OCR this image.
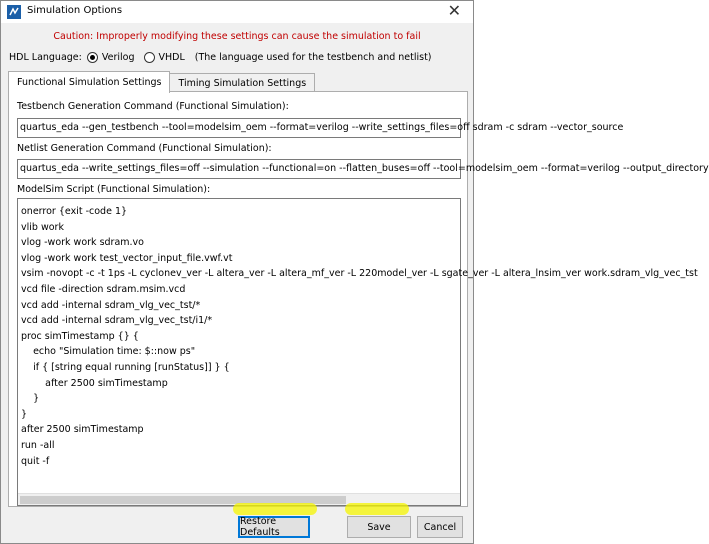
Simulation Options	✕
Caution: Improperly modifying these settings can cause the simulation to fail
HDL Language: Verilog	VHDL (The language used for the testbench and netlist)
Functional Simulation Settings	Timing Simulation Settings
Testbench Generation Command (Functional Simulation):
quartus_eda --gen_testbench --tool=modelsim_oem --format=verilog --write_settings_files=off sdram -c sdram --vector_source
Netlist Generation Command (Functional Simulation):
quartus_eda --write_settings_files=off --simulation --functional=on --flatten_buses=off --tool=modelsim_oem --format=verilog --output_directory
ModelSim Script (Functional Simulation):
onerror {exit -code 1}
vlib work
vlog -work work sdram.vo
vlog -work work test_vector_input_file.vwf.vt
vsim -novopt -c -t 1ps -L cyclonev_ver -L altera_ver -L altera_mf_ver -L 220model_ver -L sgate_ver -L altera_lnsim_ver work.sdram_vlg_vec_tst
vcd file -direction sdram.msim.vcd
vcd add -internal sdram_vlg_vec_tst/*
vcd add -internal sdram_vlg_vec_tst/i1/*
proc simTimestamp {} {
echo "Simulation time: $::now ps"
if { [string equal running [runStatus]] } {
after 2500 simTimestamp
}
}
after 2500 simTimestamp
run -all
quit -f
Restore Defaults	Save	Cancel
